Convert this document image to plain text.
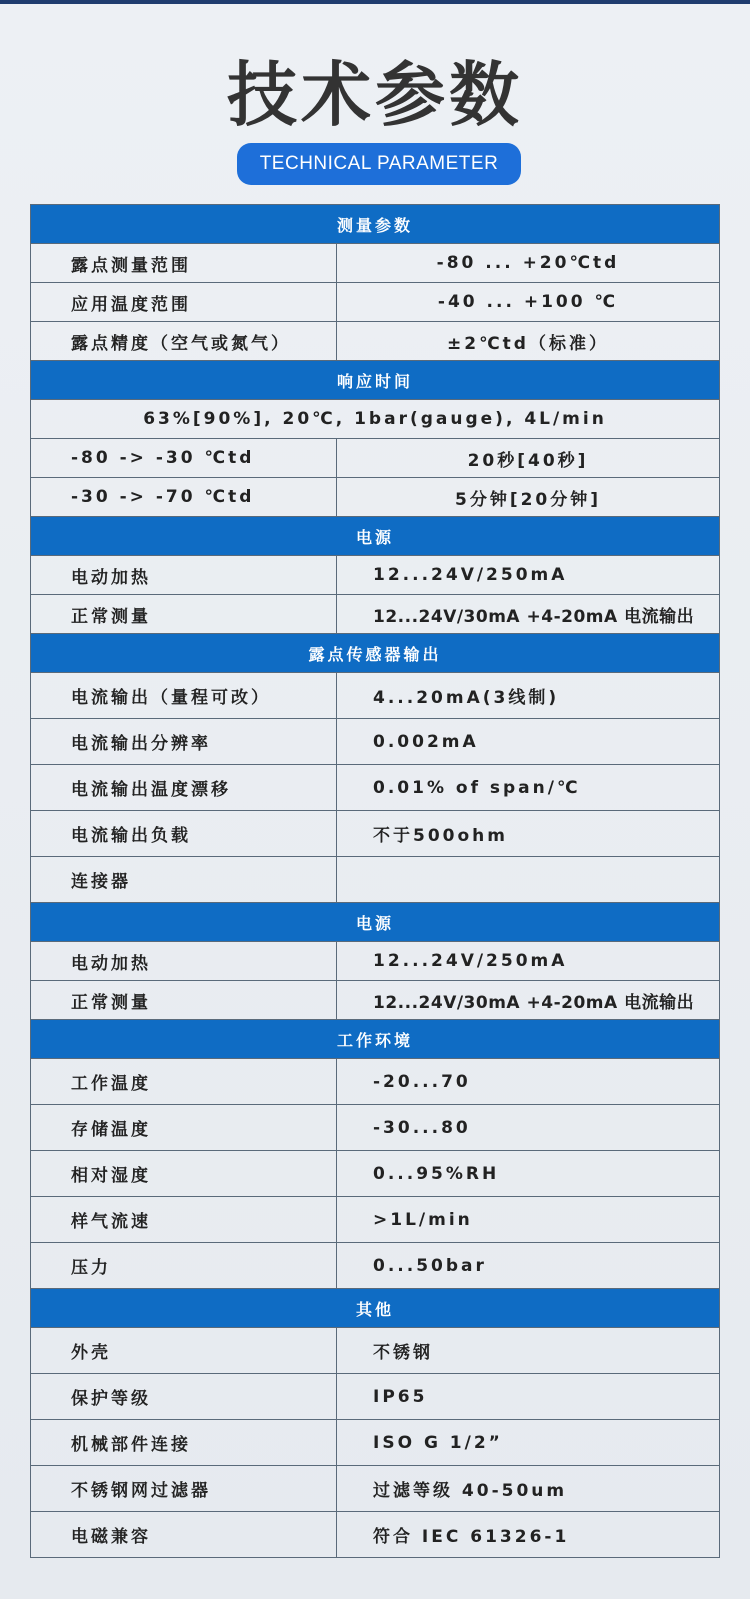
技术参数
TECHNICAL PARAMETER
测量参数	
露点测量范围	-80 ... +20℃td
应用温度范围	-40 ... +100 ℃
露点精度（空气或氮气）	±2℃td（标准）
响应时间	
63%[90%], 20℃, 1bar(gauge), 4L/min	
-80 -> -30 ℃td	20秒[40秒]
-30 -> -70 ℃td	5分钟[20分钟]
电源	
电动加热	12...24V/250mA
正常测量	12...24V/30mA +4-20mA 电流输出
露点传感器输出	
电流输出（量程可改）	4...20mA(3线制)
电流输出分辨率	0.002mA
电流输出温度漂移	0.01% of span/℃
电流输出负载	不于500ohm
连接器	
电源	
电动加热	12...24V/250mA
正常测量	12...24V/30mA +4-20mA 电流输出
工作环境	
工作温度	-20...70
存储温度	-30...80
相对湿度	0...95%RH
样气流速	>1L/min
压力	0...50bar
其他	
外壳	不锈钢
保护等级	IP65
机械部件连接	ISO G 1/2”
不锈钢网过滤器	过滤等级 40-50um
电磁兼容	符合 IEC 61326-1
